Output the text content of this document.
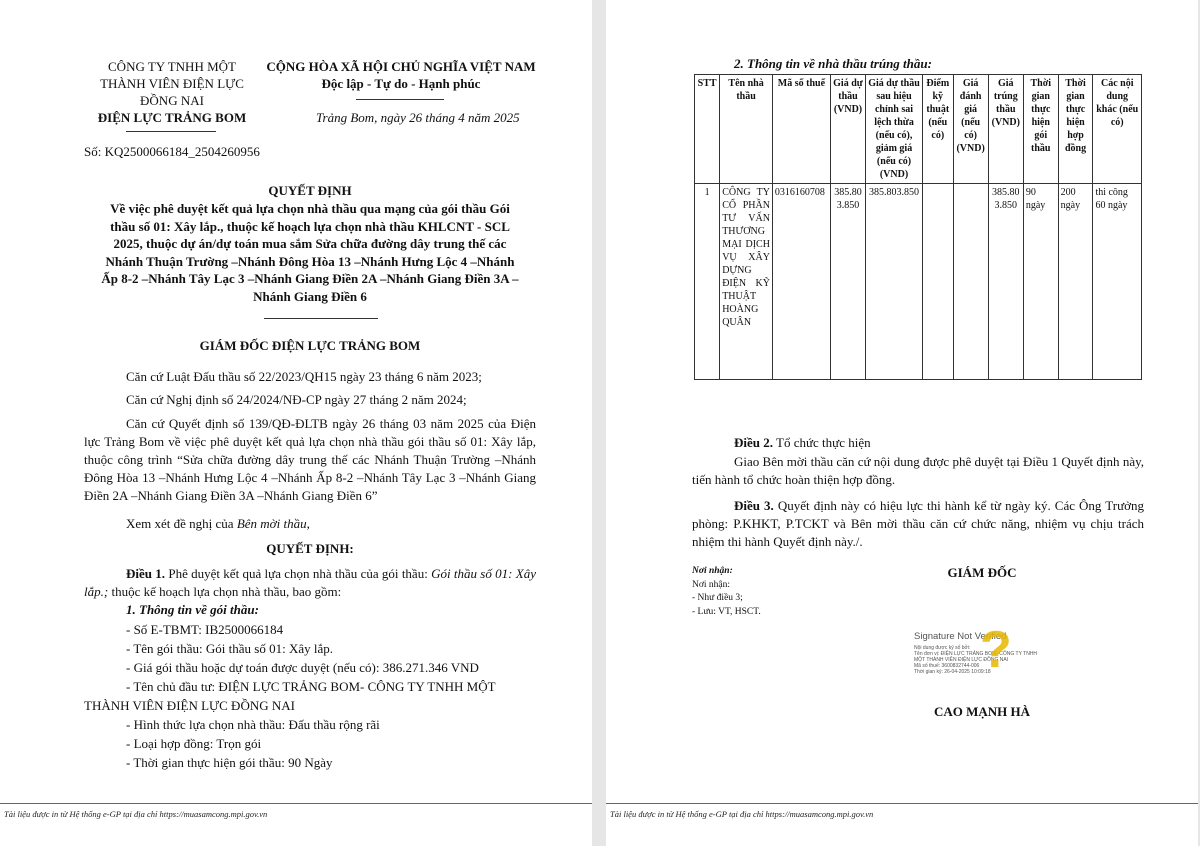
CÔNG TY TNHH MỘT
THÀNH VIÊN ĐIỆN LỰC
ĐỒNG NAI
ĐIỆN LỰC TRẢNG BOM
CỘNG HÒA XÃ HỘI CHỦ NGHĨA VIỆT NAM
Độc lập - Tự do - Hạnh phúc
Trảng Bom, ngày 26 tháng 4 năm 2025
Số: KQ2500066184_2504260956
QUYẾT ĐỊNH

Về việc phê duyệt kết quả lựa chọn nhà thầu qua mạng của gói thầu Gói

thầu số 01: Xây lắp., thuộc kế hoạch lựa chọn nhà thầu KHLCNT - SCL

2025, thuộc dự án/dự toán mua sắm Sửa chữa đường dây trung thế các

Nhánh Thuận Trường –Nhánh Đông Hòa 13 –Nhánh Hưng Lộc 4 –Nhánh

Ấp 8-2 –Nhánh Tây Lạc 3 –Nhánh Giang Điền 2A –Nhánh Giang Điền 3A –

Nhánh Giang Điền 6

GIÁM ĐỐC ĐIỆN LỰC TRẢNG BOM
Căn cứ Luật Đấu thầu số 22/2023/QH15 ngày 23 tháng 6 năm 2023;
Căn cứ Nghị định số 24/2024/NĐ-CP ngày 27 tháng 2 năm 2024;
Căn cứ Quyết định số 139/QĐ-ĐLTB ngày 26 tháng 03 năm 2025 của Điện lực Trảng Bom về việc phê duyệt kết quả lựa chọn nhà thầu gói thầu số 01: Xây lắp, thuộc công trình “Sửa chữa đường dây trung thế các Nhánh Thuận Trường –Nhánh Đông Hòa 13 –Nhánh Hưng Lộc 4 –Nhánh Ấp 8-2 –Nhánh Tây Lạc 3 –Nhánh Giang Điền 2A –Nhánh Giang Điền 3A –Nhánh Giang Điền 6”
Xem xét đề nghị của Bên mời thầu,
QUYẾT ĐỊNH:
Điều 1. Phê duyệt kết quả lựa chọn nhà thầu của gói thầu: Gói thầu số 01: Xây lắp.; thuộc kế hoạch lựa chọn nhà thầu, bao gồm:
1. Thông tin về gói thầu:

- Số E-TBMT: IB2500066184

- Tên gói thầu: Gói thầu số 01: Xây lắp.

- Giá gói thầu hoặc dự toán được duyệt (nếu có): 386.271.346 VND

- Tên chủ đầu tư: ĐIỆN LỰC TRẢNG BOM- CÔNG TY TNHH MỘT

THÀNH VIÊN ĐIỆN LỰC ĐỒNG NAI

- Hình thức lựa chọn nhà thầu: Đấu thầu rộng rãi

- Loại hợp đồng: Trọn gói

- Thời gian thực hiện gói thầu: 90 Ngày

Tài liệu được in từ Hệ thống e-GP tại địa chỉ https://muasamcong.mpi.gov.vn
2. Thông tin về nhà thầu trúng thầu:
STT	Tên nhà thầu	Mã số thuế	Giá dự thầu (VND)	Giá dự thầu sau hiệu chỉnh sai lệch thừa (nếu có), giảm giá (nếu có) (VND)	Điểm kỹ thuật (nếu có)	Giá đánh giá (nếu có) (VND)	Giá trúng thầu (VND)	Thời gian thực hiện gói thầu	Thời gian thực hiện hợp đồng	Các nội dung khác (nếu có)
1	CÔNG TY CỔ PHẦN TƯ VẤN THƯƠNG MẠI DỊCH VỤ XÂY DỰNG ĐIỆN KỸ THUẬT HOÀNG QUÂN	0316160708	385.803.850	385.803.850			385.803.850	90 ngày	200 ngày	thi công 60 ngày
Điều 2. Tổ chức thực hiện
Giao Bên mời thầu căn cứ nội dung được phê duyệt tại Điều 1 Quyết định này, tiến hành tổ chức hoàn thiện hợp đồng.
Điều 3. Quyết định này có hiệu lực thi hành kể từ ngày ký. Các Ông Trưởng phòng: P.KHKT, P.TCKT và Bên mời thầu căn cứ chức năng, nhiệm vụ chịu trách nhiệm thi hành Quyết định này./.
Nơi nhận:
Nơi nhận:
- Như điều 3;
- Lưu: VT, HSCT.
GIÁM ĐỐC
Signature Not Verified
Nội dung được ký số bởi:
Tên đơn vị: ĐIỆN LỰC TRẢNG BOM- CÔNG TY TNHH
MỘT THÀNH VIÊN ĐIỆN LỰC ĐỒNG NAI
Mã số thuế: 3600832744-006
Thời gian ký: 26-04-2025 10:09:18
?
CAO MẠNH HÀ
Tài liệu được in từ Hệ thống e-GP tại địa chỉ https://muasamcong.mpi.gov.vn
